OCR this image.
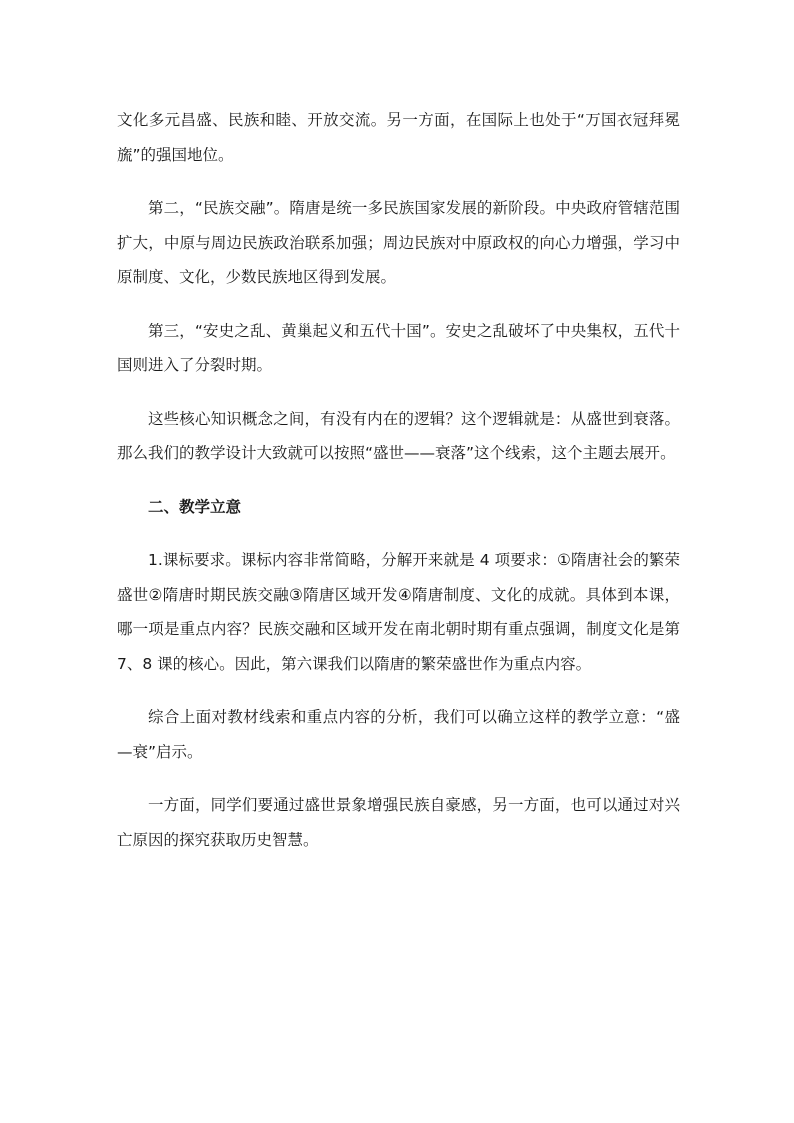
文化多元昌盛、民族和睦、开放交流。另一方面，在国际上也处于“万国衣冠拜冕旒”的强国地位。

第二，“民族交融”。隋唐是统一多民族国家发展的新阶段。中央政府管辖范围扩大，中原与周边民族政治联系加强；周边民族对中原政权的向心力增强，学习中原制度、文化，少数民族地区得到发展。

第三，“安史之乱、黄巢起义和五代十国”。安史之乱破坏了中央集权，五代十国则进入了分裂时期。

这些核心知识概念之间，有没有内在的逻辑？这个逻辑就是：从盛世到衰落。那么我们的教学设计大致就可以按照“盛世——衰落”这个线索，这个主题去展开。

二、教学立意

1.课标要求。课标内容非常简略，分解开来就是 4 项要求：①隋唐社会的繁荣盛世②隋唐时期民族交融③隋唐区域开发④隋唐制度、文化的成就。具体到本课，哪一项是重点内容？民族交融和区域开发在南北朝时期有重点强调，制度文化是第 7、8 课的核心。因此，第六课我们以隋唐的繁荣盛世作为重点内容。

综合上面对教材线索和重点内容的分析，我们可以确立这样的教学立意：“盛—衰”启示。

一方面，同学们要通过盛世景象增强民族自豪感，另一方面，也可以通过对兴亡原因的探究获取历史智慧。
